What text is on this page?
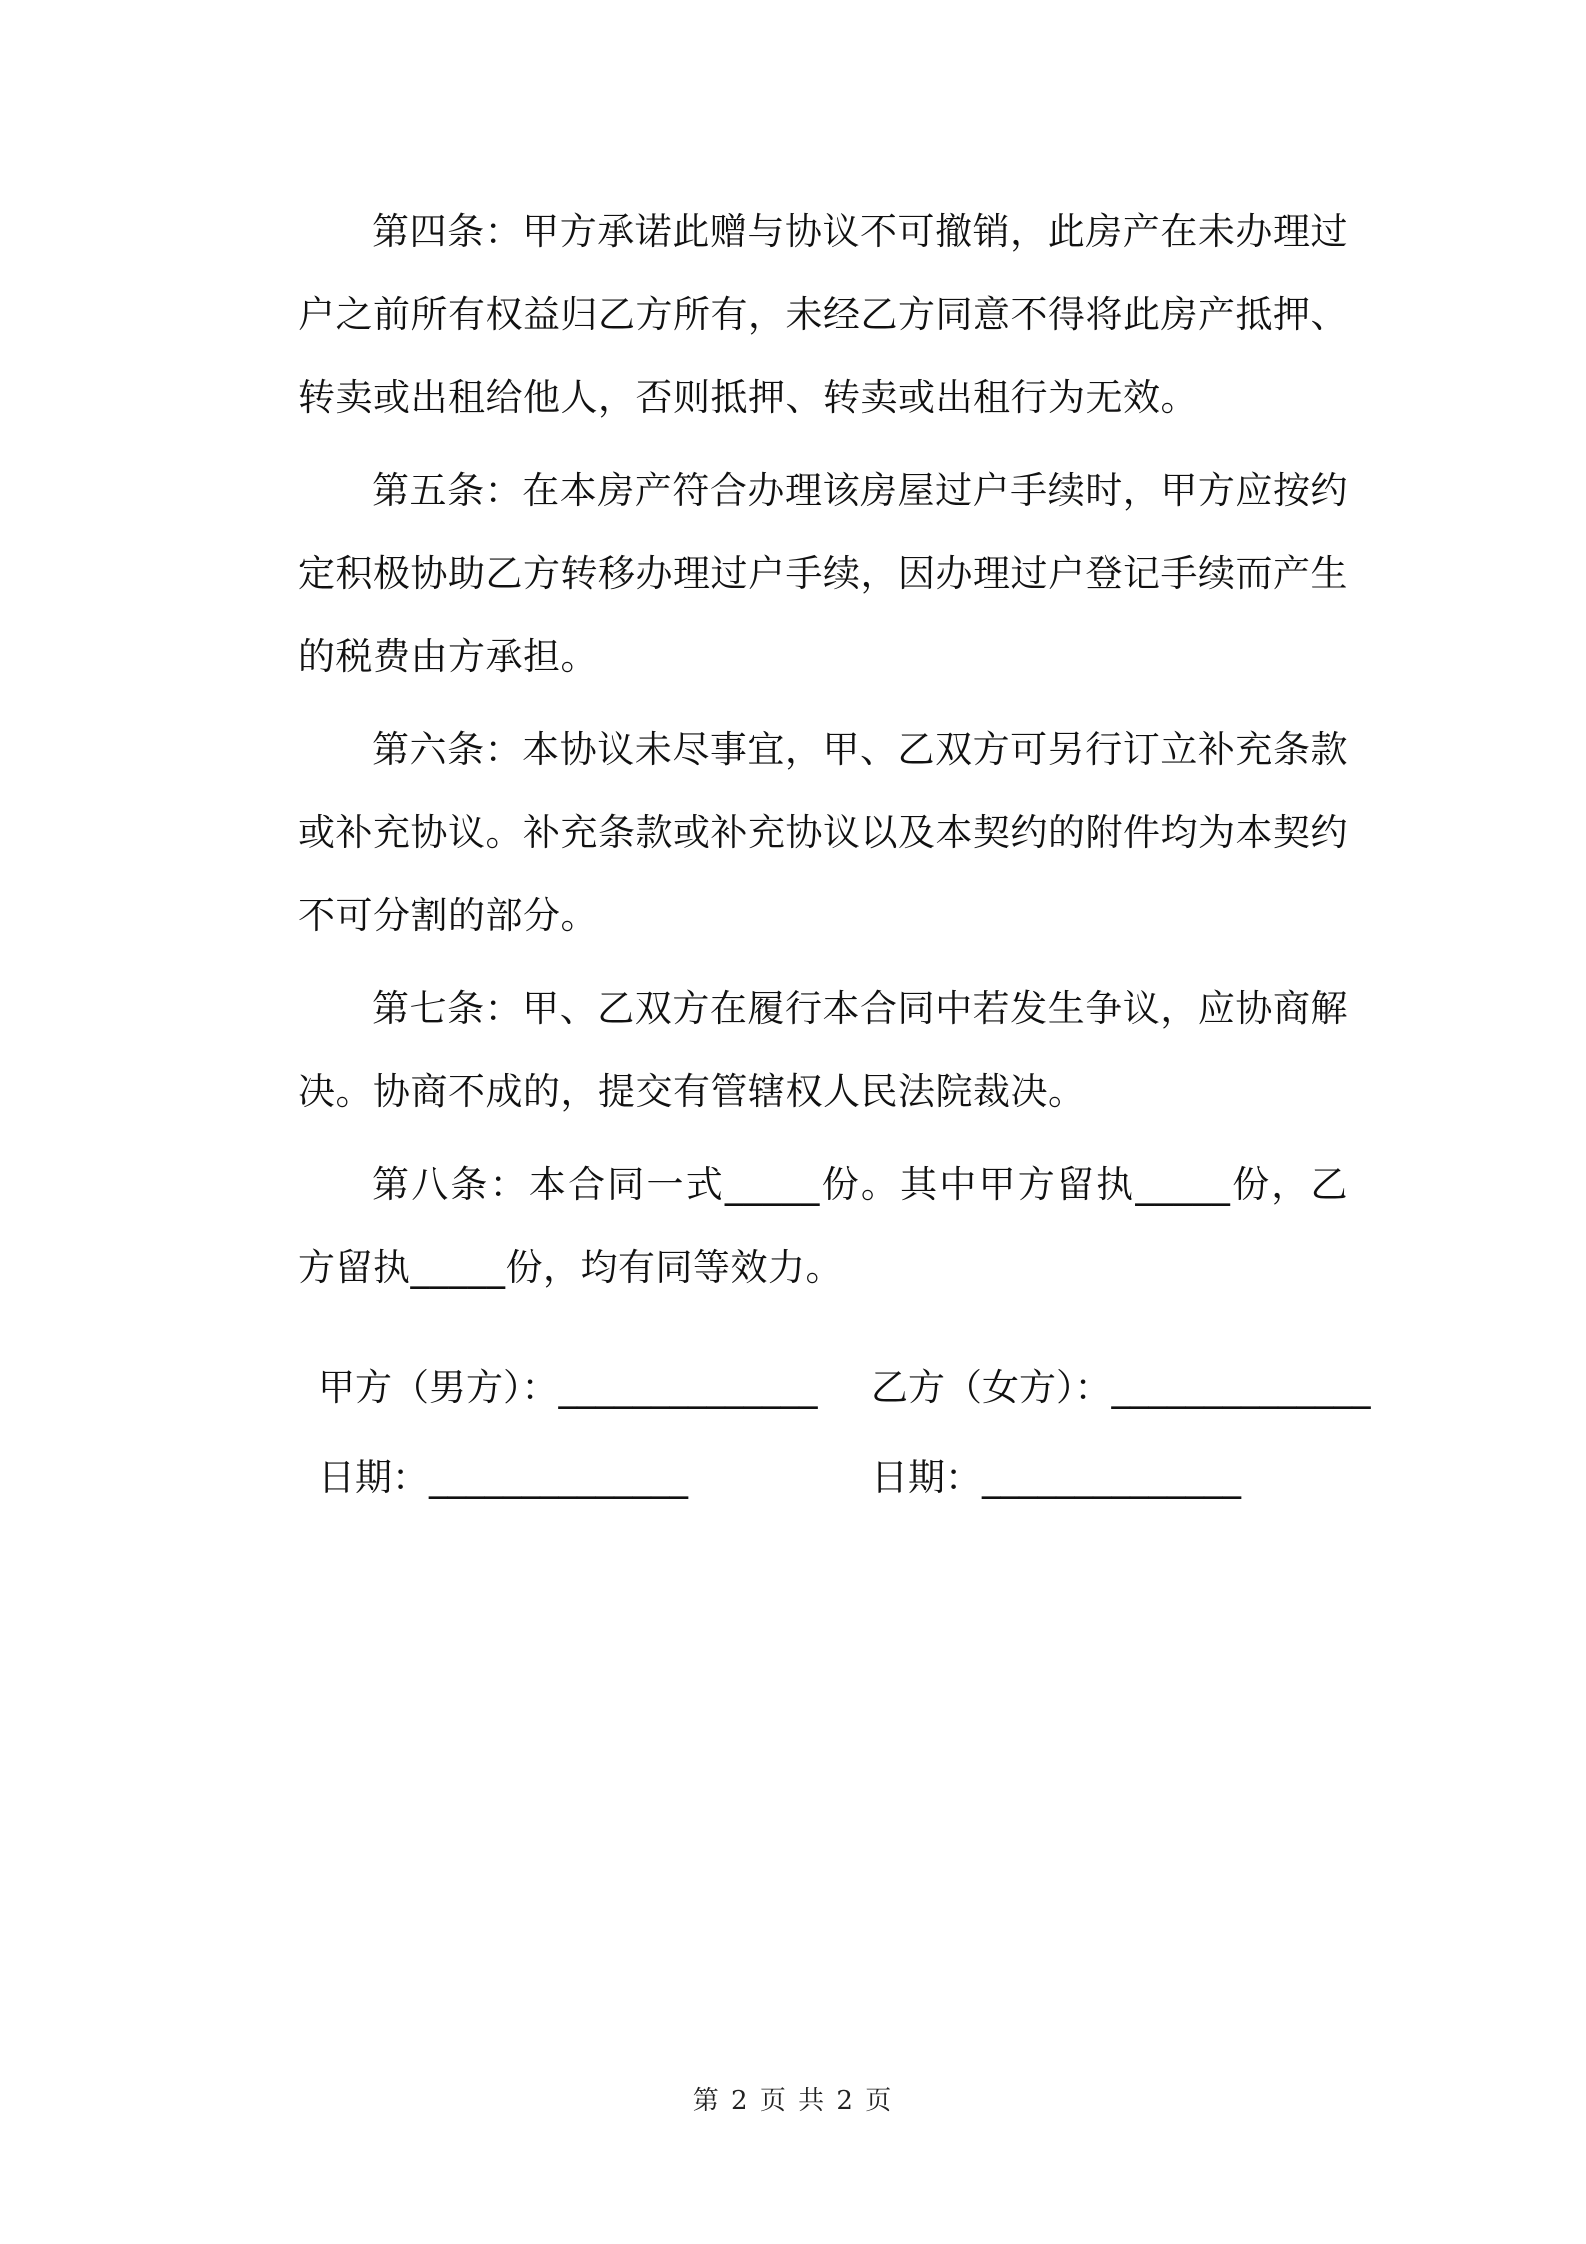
第四条：甲方承诺此赠与协议不可撤销，此房产在未办理过户之前所有权益归乙方所有，未经乙方同意不得将此房产抵押、转卖或出租给他人，否则抵押、转卖或出租行为无效。

第五条：在本房产符合办理该房屋过户手续时，甲方应按约定积极协助乙方转移办理过户手续，因办理过户登记手续而产生的税费由方承担。

第六条：本协议未尽事宜，甲、乙双方可另行订立补充条款或补充协议。补充条款或补充协议以及本契约的附件均为本契约不可分割的部分。

第七条：甲、乙双方在履行本合同中若发生争议，应协商解决。协商不成的，提交有管辖权人民法院裁决。

第八条：本合同一式_____份。其中甲方留执_____份，乙方留执_____份，均有同等效力。

甲方（男方）：______________ 乙方（女方）：______________
日期：______________	日期：______________
第 2 页 共 2 页
